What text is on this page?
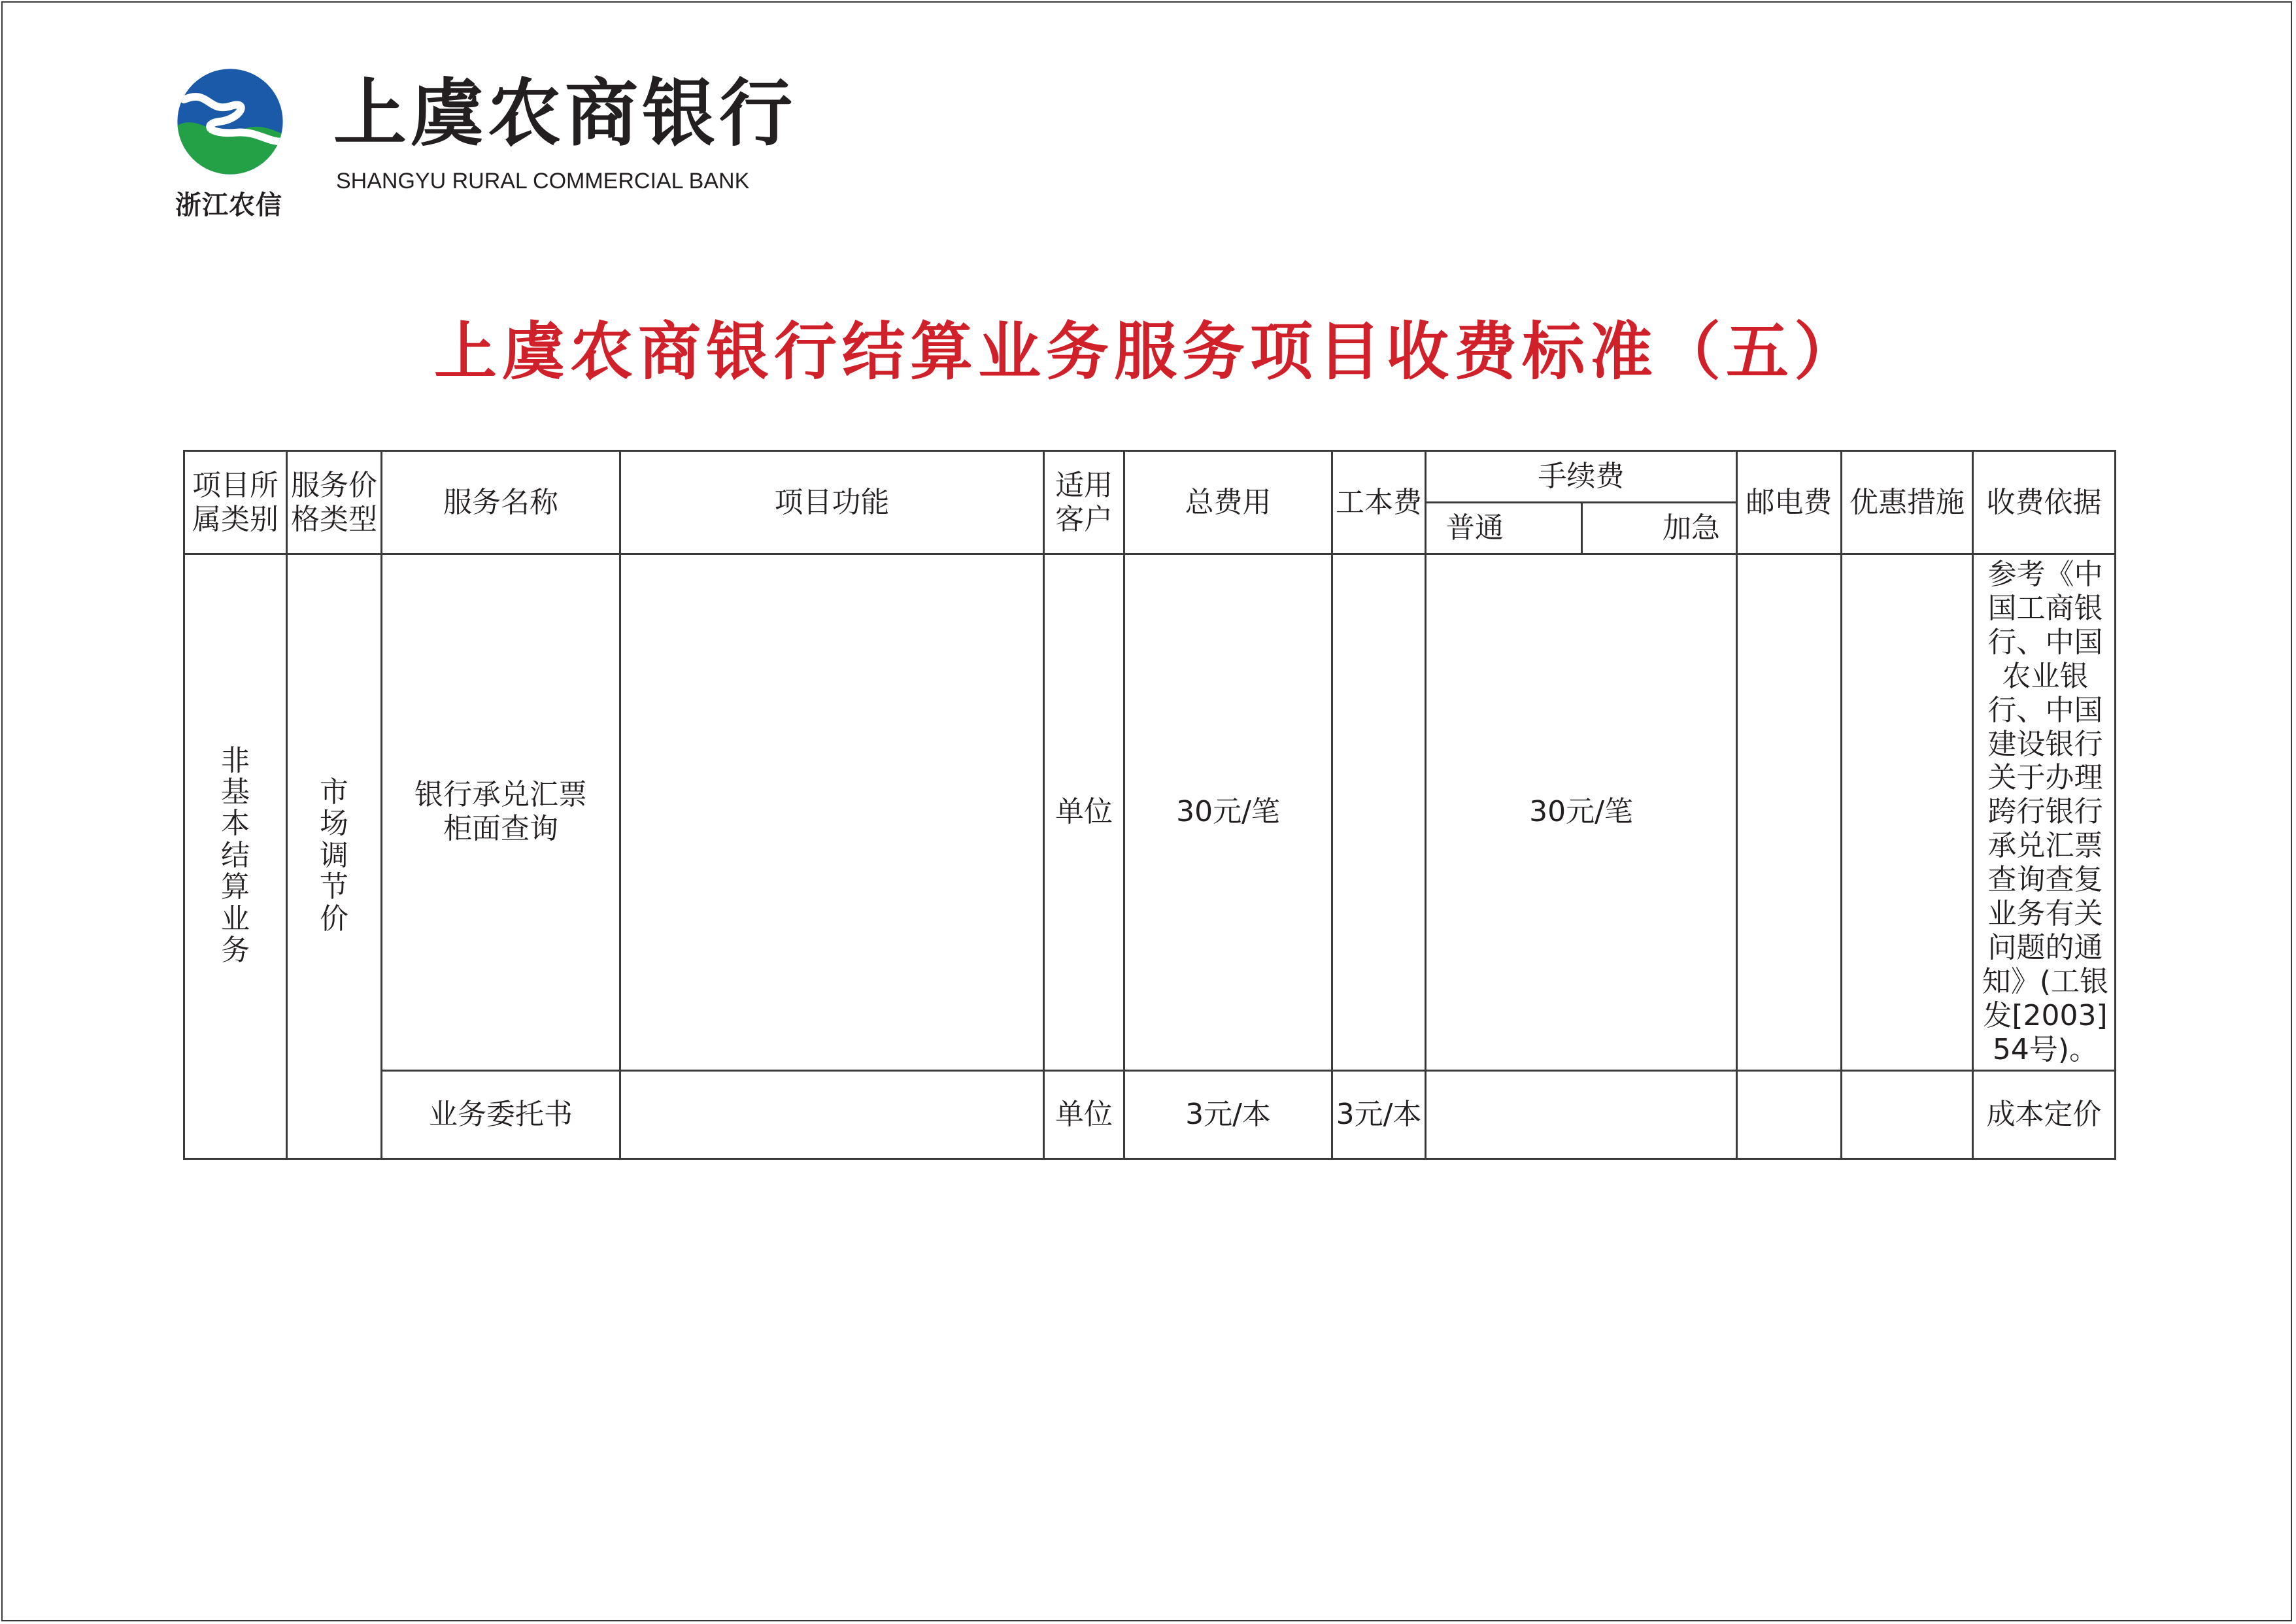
浙江农信
上虞农商银行
SHANGYU RURAL COMMERCIAL BANK
上虞农商银行结算业务服务项目收费标准（五）
项目所属类别	服务价格类型	服务名称	项目功能	适用客户	总费用	工本费	手续费		邮电费	优惠措施	收费依据
							普通	加急			
非基本结算业务	市场调节价	银行承兑汇票柜面查询		单位	30元/笔		30元/笔				参考《中国工商银行、中国农业银行、中国建设银行关于办理跨行银行承兑汇票查询查复业务有关问题的通知》(工银发[2003]54号)。
		业务委托书		单位	3元/本	3元/本					成本定价
